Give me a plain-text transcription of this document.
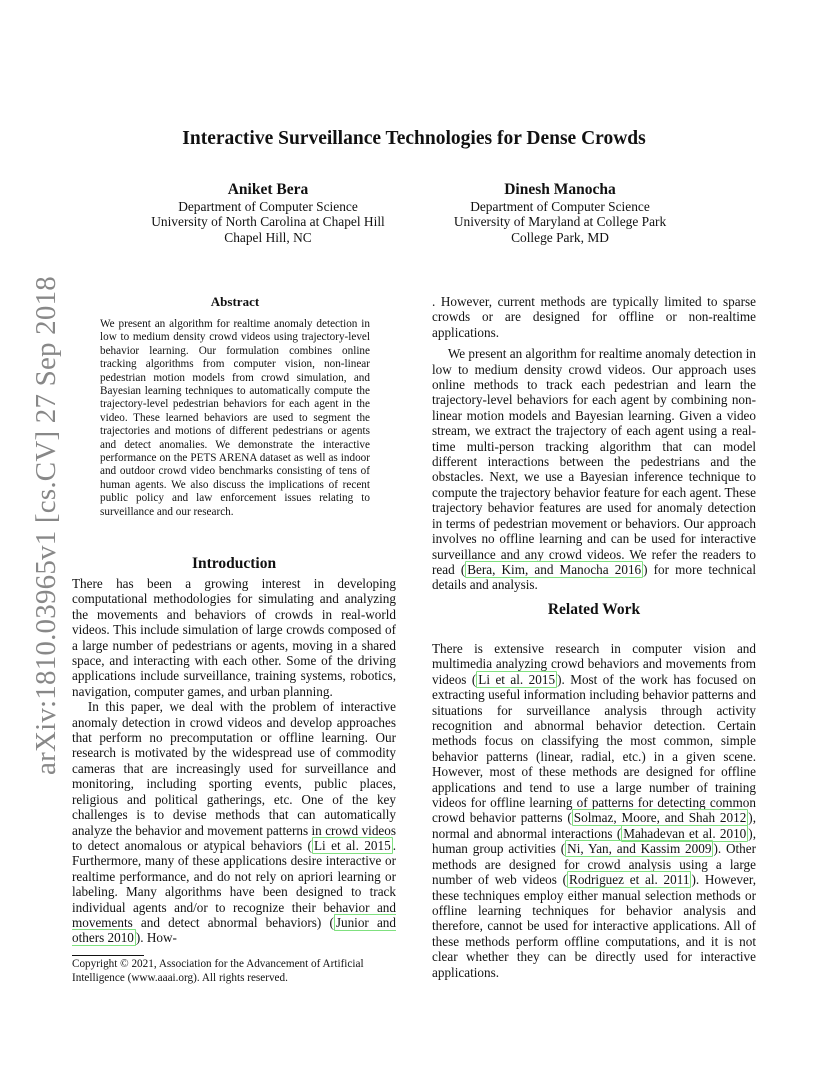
arXiv:1810.03965v1 [cs.CV] 27 Sep 2018
Interactive Surveillance Technologies for Dense Crowds
Aniket Bera
Department of Computer Science
University of North Carolina at Chapel Hill
Chapel Hill, NC
Dinesh Manocha
Department of Computer Science
University of Maryland at College Park
College Park, MD
Abstract
We present an algorithm for realtime anomaly detection in low to medium density crowd videos using trajectory-level behavior learning. Our formulation combines online tracking algorithms from computer vision, non-linear pedestrian motion models from crowd simulation, and Bayesian learning techniques to automatically compute the trajectory-level pedestrian behaviors for each agent in the video. These learned behaviors are used to segment the trajectories and motions of different pedestrians or agents and detect anomalies. We demonstrate the interactive performance on the PETS ARENA dataset as well as indoor and outdoor crowd video benchmarks consisting of tens of human agents. We also discuss the implications of recent public policy and law enforcement issues relating to surveillance and our research.
Introduction

There has been a growing interest in developing computational methodologies for simulating and analyzing the movements and behaviors of crowds in real-world videos. This include simulation of large crowds composed of a large number of pedestrians or agents, moving in a shared space, and interacting with each other. Some of the driving applications include surveillance, training systems, robotics, navigation, computer games, and urban planning.

In this paper, we deal with the problem of interactive anomaly detection in crowd videos and develop approaches that perform no precomputation or offline learning. Our research is motivated by the widespread use of commodity cameras that are increasingly used for surveillance and monitoring, including sporting events, public places, religious and political gatherings, etc. One of the key challenges is to devise methods that can automatically analyze the behavior and movement patterns in crowd videos to detect anomalous or atypical behaviors ( Li et al. 2015 . Furthermore, many of these applications desire interactive or realtime performance, and do not rely on apriori learning or labeling. Many algorithms have been designed to track individual agents and/or to recognize their behavior and movements and detect abnormal behaviors) ( Junior and others 2010 ). How-

Copyright © 2021, Association for the Advancement of Artificial Intelligence (www.aaai.org). All rights reserved.

. However, current methods are typically limited to sparse crowds or are designed for offline or non-realtime applications.

We present an algorithm for realtime anomaly detection in low to medium density crowd videos. Our approach uses online methods to track each pedestrian and learn the trajectory-level behaviors for each agent by combining non-linear motion models and Bayesian learning. Given a video stream, we extract the trajectory of each agent using a real-time multi-person tracking algorithm that can model different interactions between the pedestrians and the obstacles. Next, we use a Bayesian inference technique to compute the trajectory behavior feature for each agent. These trajectory behavior features are used for anomaly detection in terms of pedestrian movement or behaviors. Our approach involves no offline learning and can be used for interactive surveillance and any crowd videos. We refer the readers to read ( Bera, Kim, and Manocha 2016 ) for more technical details and analysis.

Related Work

There is extensive research in computer vision and multimedia analyzing crowd behaviors and movements from videos ( Li et al. 2015 ). Most of the work has focused on extracting useful information including behavior patterns and situations for surveillance analysis through activity recognition and abnormal behavior detection. Certain methods focus on classifying the most common, simple behavior patterns (linear, radial, etc.) in a given scene. However, most of these methods are designed for offline applications and tend to use a large number of training videos for offline learning of patterns for detecting common crowd behavior patterns ( Solmaz, Moore, and Shah 2012 ), normal and abnormal interactions ( Mahadevan et al. 2010 ), human group activities ( Ni, Yan, and Kassim 2009 ). Other methods are designed for crowd analysis using a large number of web videos ( Rodriguez et al. 2011 ). However, these techniques employ either manual selection methods or offline learning techniques for behavior analysis and therefore, cannot be used for interactive applications. All of these methods perform offline computations, and it is not clear whether they can be directly used for interactive applications.
